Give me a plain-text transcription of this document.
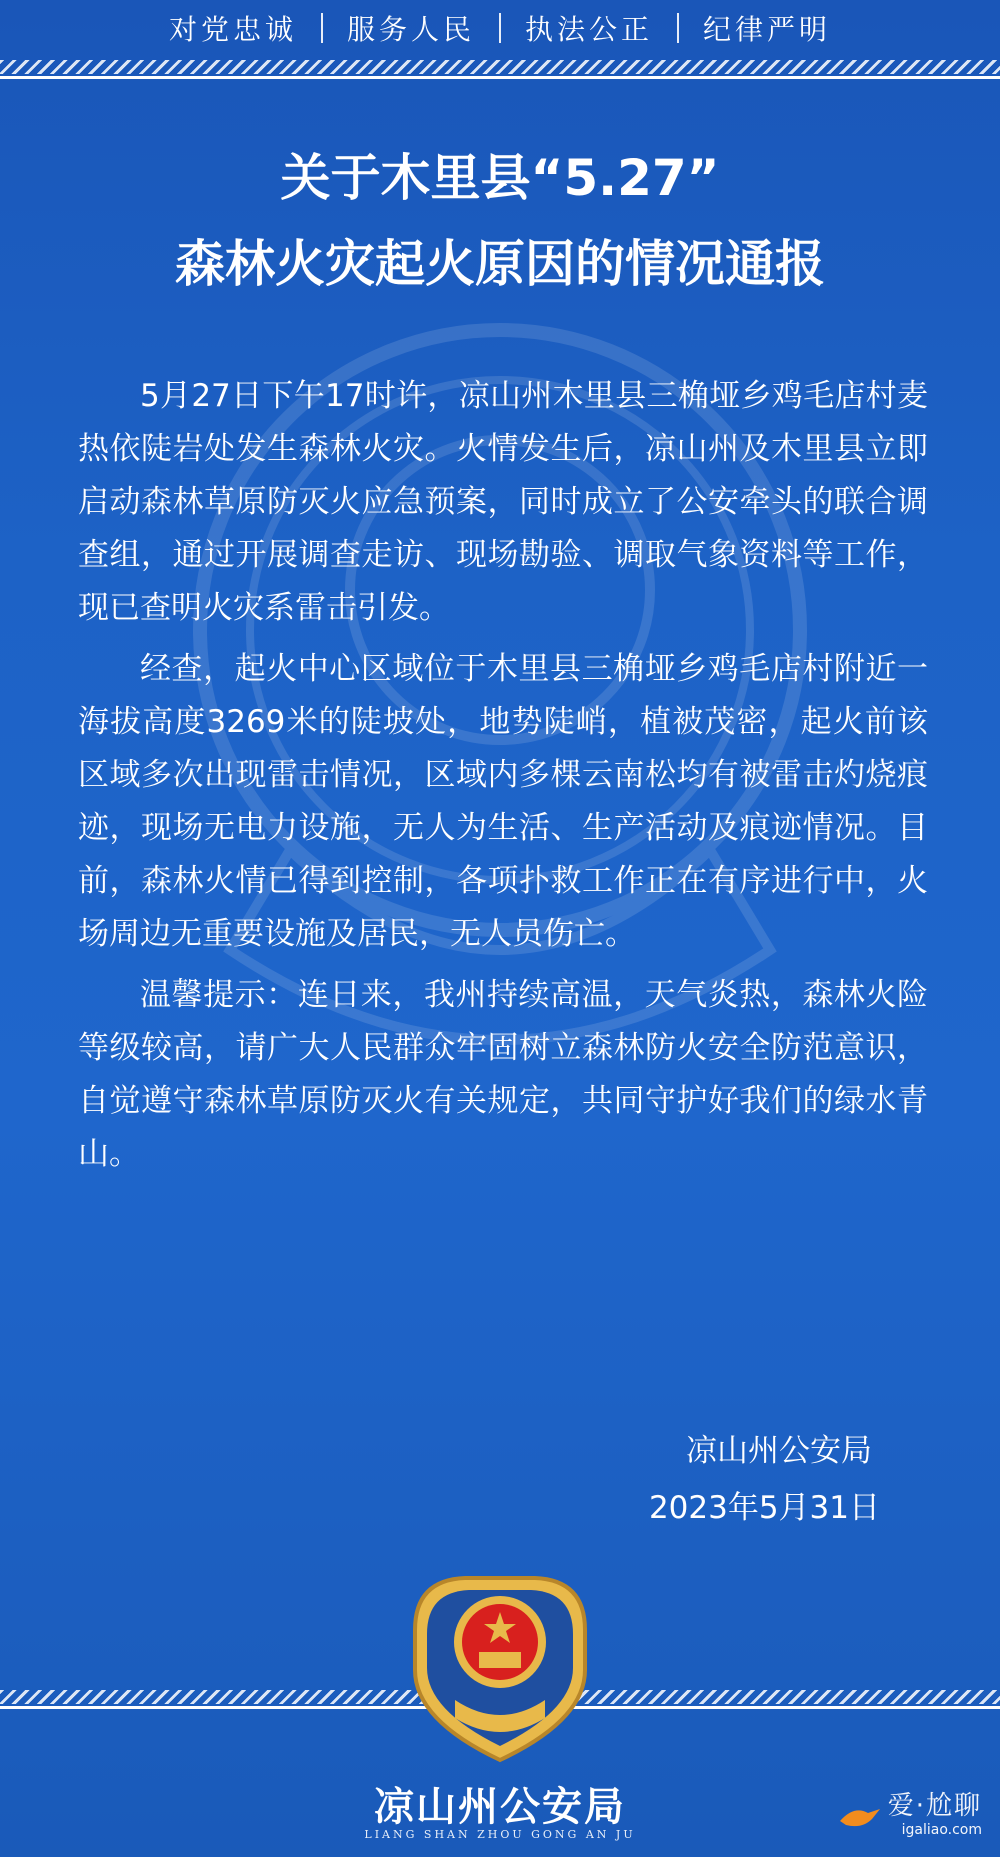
对党忠诚	服务人民	执法公正	纪律严明
关于木里县“5.27”
森林火灾起火原因的情况通报

5月27日下午17时许，凉山州木里县三桷垭乡鸡毛店村麦热依陡岩处发生森林火灾。火情发生后，凉山州及木里县立即启动森林草原防灭火应急预案，同时成立了公安牵头的联合调查组，通过开展调查走访、现场勘验、调取气象资料等工作，现已查明火灾系雷击引发。

经查，起火中心区域位于木里县三桷垭乡鸡毛店村附近一海拔高度3269米的陡坡处，地势陡峭，植被茂密，起火前该区域多次出现雷击情况，区域内多棵云南松均有被雷击灼烧痕迹，现场无电力设施，无人为生活、生产活动及痕迹情况。目前，森林火情已得到控制，各项扑救工作正在有序进行中，火场周边无重要设施及居民，无人员伤亡。

温馨提示：连日来，我州持续高温，天气炎热，森林火险等级较高，请广大人民群众牢固树立森林防火安全防范意识，自觉遵守森林草原防灭火有关规定，共同守护好我们的绿水青山。

凉山州公安局
2023年5月31日
凉山州公安局
LIANG SHAN ZHOU GONG AN JU
爱·尬聊
igaliao.com
